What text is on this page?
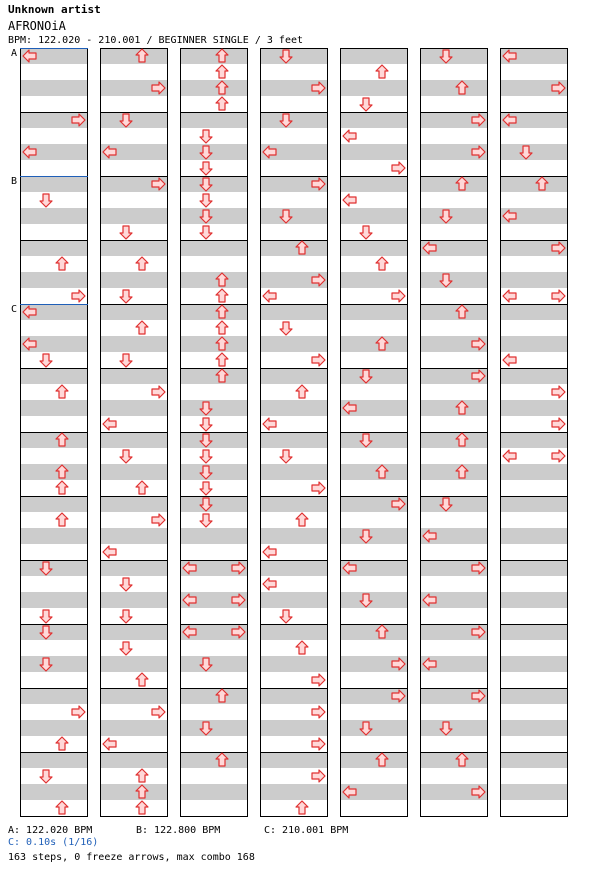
Unknown artist
AFRONOiA
BPM: 122.020 - 210.001 / BEGINNER SINGLE / 3 feet
A
B
C
A: 122.020 BPM	B: 122.800 BPM	C: 210.001 BPM
C: 0.10s (1/16)
163 steps, 0 freeze arrows, max combo 168
